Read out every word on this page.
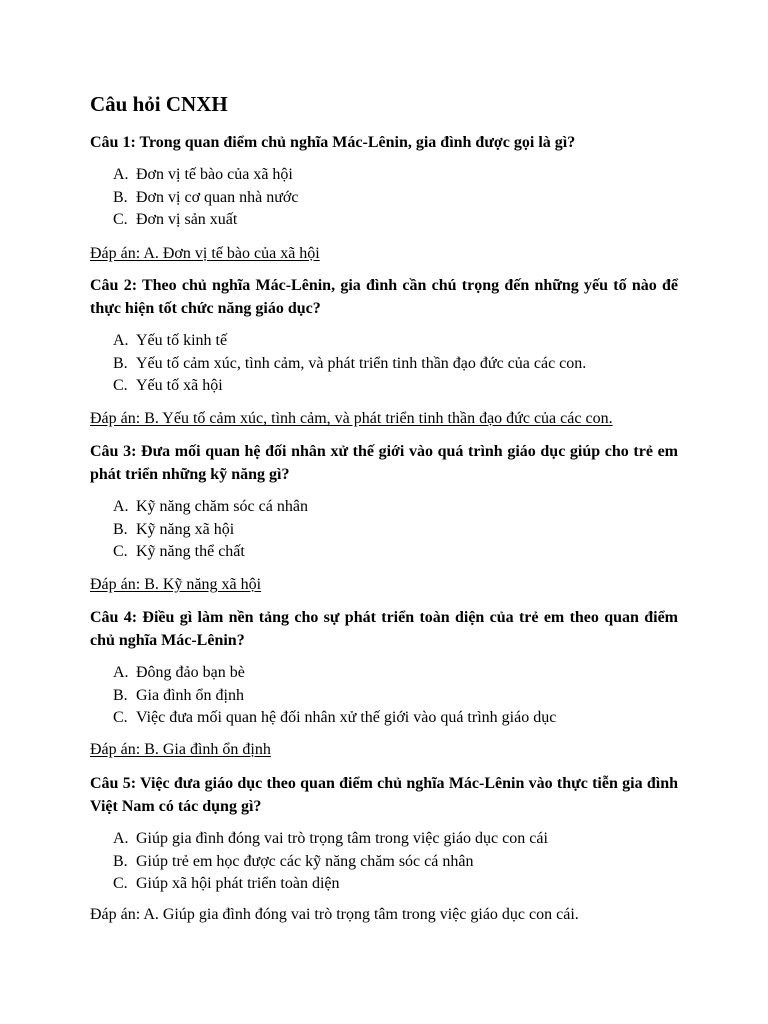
Câu hỏi CNXH

Câu 1: Trong quan điểm chủ nghĩa Mác-Lênin, gia đình được gọi là gì?

A. Đơn vị tế bào của xã hội
B. Đơn vị cơ quan nhà nước
C. Đơn vị sản xuất

Đáp án: A. Đơn vị tế bào của xã hội

Câu 2: Theo chủ nghĩa Mác-Lênin, gia đình cần chú trọng đến những yếu tố nào để thực hiện tốt chức năng giáo dục?

A. Yếu tố kinh tế
B. Yếu tố cảm xúc, tình cảm, và phát triển tinh thần đạo đức của các con.
C. Yếu tố xã hội

Đáp án: B. Yếu tố cảm xúc, tình cảm, và phát triển tinh thần đạo đức của các con.

Câu 3: Đưa mối quan hệ đối nhân xử thế giới vào quá trình giáo dục giúp cho trẻ em phát triển những kỹ năng gì?

A. Kỹ năng chăm sóc cá nhân
B. Kỹ năng xã hội
C. Kỹ năng thể chất

Đáp án: B. Kỹ năng xã hội

Câu 4: Điều gì làm nền tảng cho sự phát triển toàn diện của trẻ em theo quan điểm chủ nghĩa Mác-Lênin?

A. Đông đảo bạn bè
B. Gia đình ổn định
C. Việc đưa mối quan hệ đối nhân xử thế giới vào quá trình giáo dục

Đáp án: B. Gia đình ổn định

Câu 5: Việc đưa giáo dục theo quan điểm chủ nghĩa Mác-Lênin vào thực tiễn gia đình Việt Nam có tác dụng gì?

A. Giúp gia đình đóng vai trò trọng tâm trong việc giáo dục con cái
B. Giúp trẻ em học được các kỹ năng chăm sóc cá nhân
C. Giúp xã hội phát triển toàn diện

Đáp án: A. Giúp gia đình đóng vai trò trọng tâm trong việc giáo dục con cái.
